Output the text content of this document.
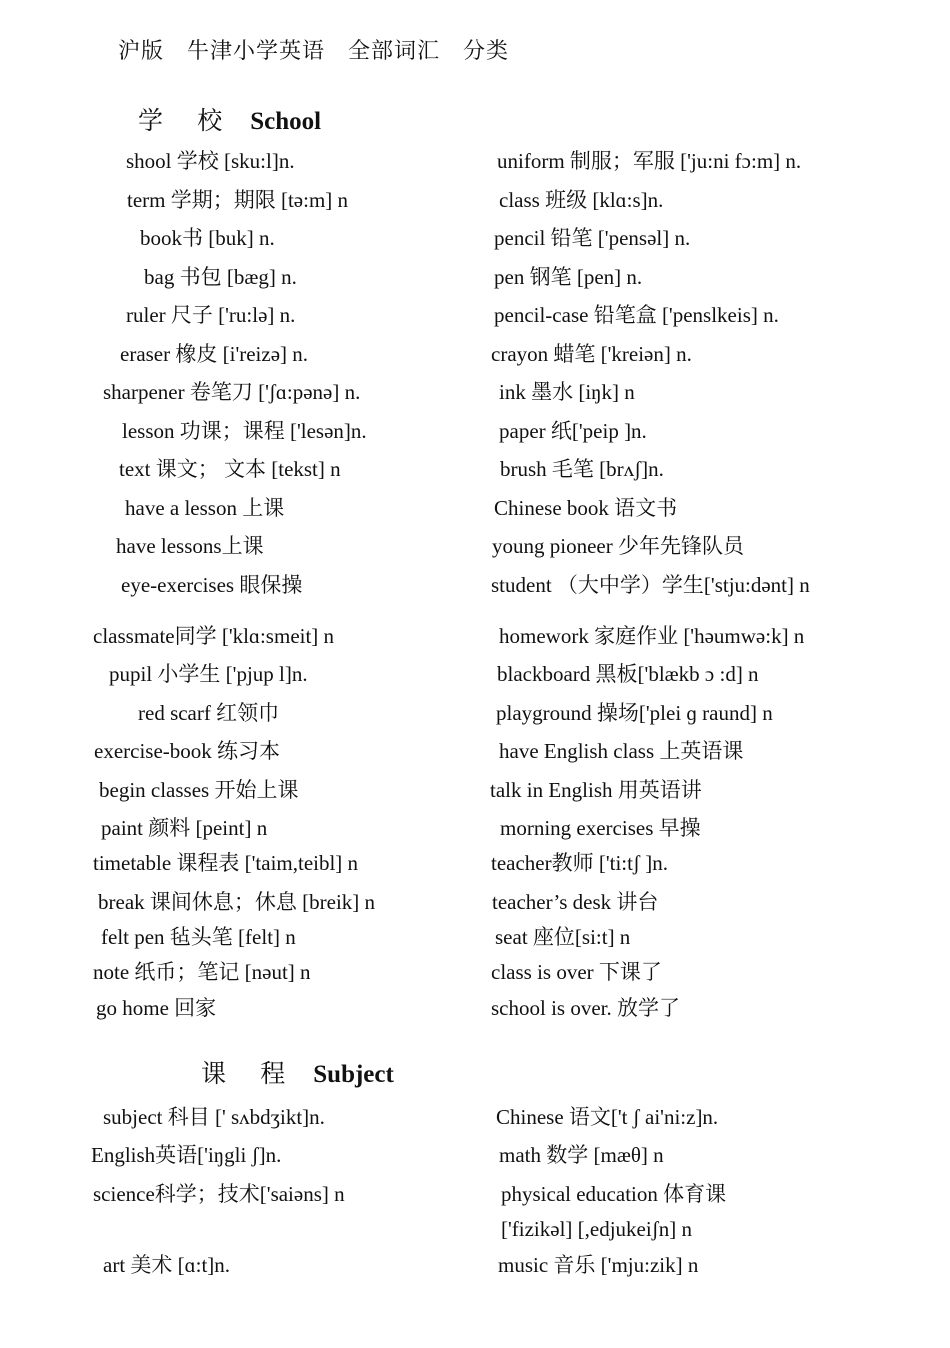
沪版　牛津小学英语　全部词汇　分类
学 校 School
shool 学校 [sku:l]n.
term 学期；期限 [tə:m] n
book书 [buk] n.
bag 书包 [bæg] n.
ruler 尺子 ['ru:lə] n.
eraser 橡皮 [i'reizə] n.
sharpener 卷笔刀 ['ʃɑ:pənə] n.
lesson 功课；课程 ['lesən]n.
text 课文； 文本 [tekst] n
have a lesson 上课
have lessons上课
eye-exercises 眼保操
classmate同学 ['klɑ:smeit] n
pupil 小学生 ['pjup l]n.
red scarf 红领巾
exercise-book 练习本
begin classes 开始上课
paint 颜料 [peint] n
timetable 课程表 ['taim,teibl] n
break 课间休息；休息 [breik] n
felt pen 毡头笔 [felt] n
note 纸币；笔记 [nəut] n
go home 回家
uniform 制服；军服 ['ju:ni fɔ:m] n.
class 班级 [klɑ:s]n.
pencil 铅笔 ['pensəl] n.
pen 钢笔 [pen] n.
pencil-case 铅笔盒 ['penslkeis] n.
crayon 蜡笔 ['kreiən] n.
ink 墨水 [iŋk] n
paper 纸['peip ]n.
brush 毛笔 [brʌʃ]n.
Chinese book 语文书
young pioneer 少年先锋队员
student （大中学）学生['stju:dənt] n
homework 家庭作业 ['həumwə:k] n
blackboard 黑板['blækb ɔ :d] n
playground 操场['plei ɡ raund] n
have English class 上英语课
talk in English 用英语讲
morning exercises 早操
teacher教师 ['ti:tʃ ]n.
teacher’s desk 讲台
seat 座位[si:t] n
class is over 下课了
school is over. 放学了
课 程 Subject
subject 科目 [' sʌbdʒikt]n.
English英语['iŋgli ʃ]n.
science科学；技术['saiəns] n
art 美术 [ɑ:t]n.
Chinese 语文['t ʃ ai'ni:z]n.
math 数学 [mæθ] n
physical education 体育课
['fizikəl] [,edjukeiʃn] n
music 音乐 ['mju:zik] n
